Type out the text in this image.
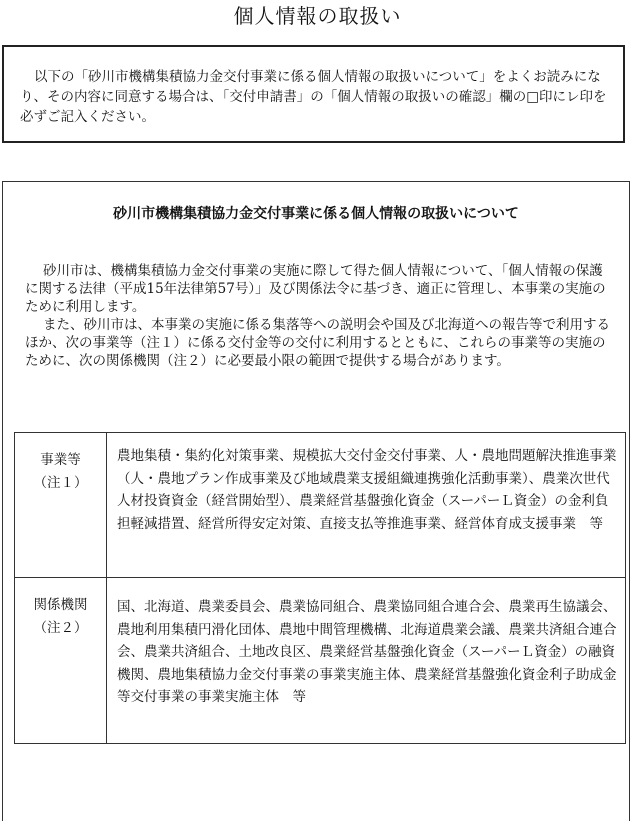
個人情報の取扱い
以下の「砂川市機構集積協力金交付事業に係る個人情報の取扱いについて」をよくお読みになり、その内容に同意する場合は、「交付申請書」の「個人情報の取扱いの確認」欄の□印にレ印を必ずご記入ください。
砂川市機構集積協力金交付事業に係る個人情報の取扱いについて

砂川市は、機構集積協力金交付事業の実施に際して得た個人情報について、「個人情報の保護に関する法律（平成15年法律第57号）」及び関係法令に基づき、適正に管理し、本事業の実施のために利用します。

また、砂川市は、本事業の実施に係る集落等への説明会や国及び北海道への報告等で利用するほか、次の事業等（注１）に係る交付金等の交付に利用するとともに、これらの事業等の実施のために、次の関係機関（注２）に必要最小限の範囲で提供する場合があります。

事業等
（注１）	農地集積・集約化対策事業、規模拡大交付金交付事業、人・農地問題解決推進事業（人・農地プラン作成事業及び地域農業支援組織連携強化活動事業）、農業次世代人材投資資金（経営開始型）、農業経営基盤強化資金（スーパーＬ資金）の金利負担軽減措置、経営所得安定対策、直接支払等推進事業、経営体育成支援事業　等

関係機関
（注２）	国、北海道、農業委員会、農業協同組合、農業協同組合連合会、農業再生協議会、農地利用集積円滑化団体、農地中間管理機構、北海道農業会議、農業共済組合連合会、農業共済組合、土地改良区、農業経営基盤強化資金（スーパーＬ資金）の融資機関、農地集積協力金交付事業の事業実施主体、農業経営基盤強化資金利子助成金等交付事業の事業実施主体　等
